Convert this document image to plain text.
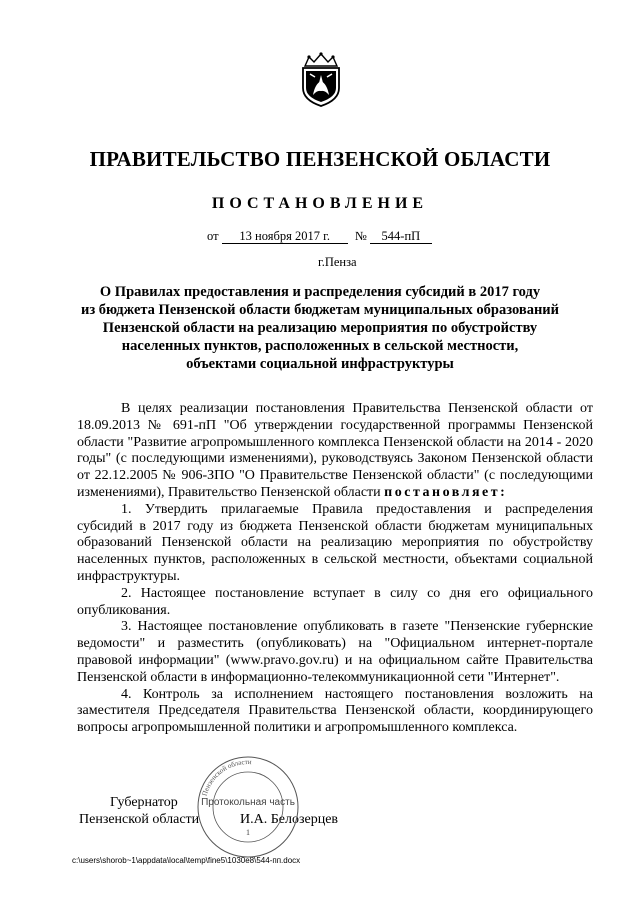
ПРАВИТЕЛЬСТВО ПЕНЗЕНСКОЙ ОБЛАСТИ
ПОСТАНОВЛЕНИЕ
от 13 ноября 2017 г. № 544-пП
г.Пенза
О Правилах предоставления и распределения субсидий в 2017 году
из бюджета Пензенской области бюджетам муниципальных образований
Пензенской области на реализацию мероприятия по обустройству
населенных пунктов, расположенных в сельской местности,
объектами социальной инфраструктуры

В целях реализации постановления Правительства Пензенской области от 18.09.2013 № 691-пП "Об утверждении государственной программы Пензенской области "Развитие агропромышленного комплекса Пензенской области на 2014 - 2020 годы" (с последующими изменениями), руководствуясь Законом Пензенской области от 22.12.2005 № 906-ЗПО "О Правительстве Пензенской области" (с последующими изменениями), Правительство Пензенской области постановляет:

1. Утвердить прилагаемые Правила предоставления и распределения субсидий в 2017 году из бюджета Пензенской области бюджетам муниципальных образований Пензенской области на реализацию мероприятия по обустройству населенных пунктов, расположенных в сельской местности, объектами социальной инфраструктуры.

2. Настоящее постановление вступает в силу со дня его официального опубликования.

3. Настоящее постановление опубликовать в газете "Пензенские губернские ведомости" и разместить (опубликовать) на "Официальном интернет-портале правовой информации" (www.pravo.gov.ru) и на официальном сайте Правительства Пензенской области в информационно-телекоммуникационной сети "Интернет".

4. Контроль за исполнением настоящего постановления возложить на заместителя Председателя Правительства Пензенской области, координирующего вопросы агропромышленной политики и агропромышленного комплекса.

Губернатор
Пензенской области	И.А. Белозерцев
Пензенской области
Протокольная часть
1
c:\users\shorob~1\appdata\local\temp\fine5\1030e8\544-пп.docx
